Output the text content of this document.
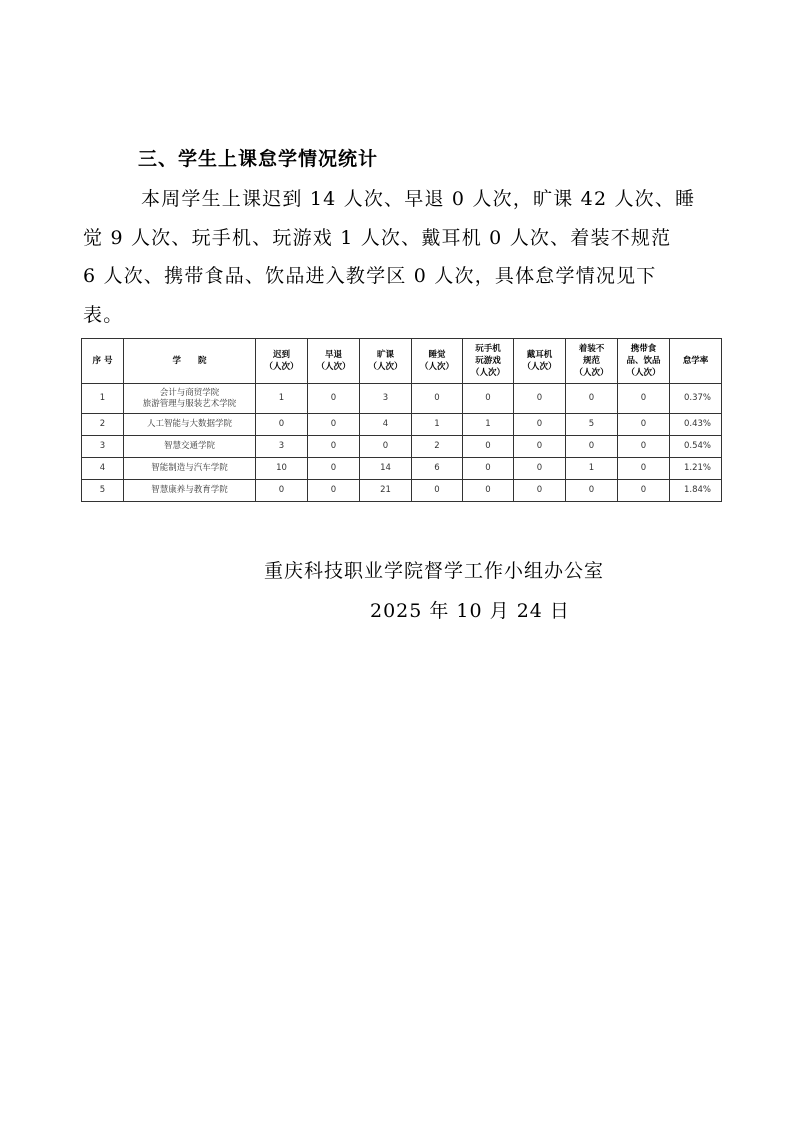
三、学生上课怠学情况统计
本周学生上课迟到 14 人次、早退 0 人次，旷课 42 人次、睡
觉 9 人次、玩手机、玩游戏 1 人次、戴耳机 0 人次、着装不规范
6 人次、携带食品、饮品进入教学区 0 人次，具体怠学情况见下
表。
序 号	学　　院	迟到
（人次）	早退
（人次）	旷课
（人次）	睡觉
（人次）	玩手机
玩游戏
（人次）	戴耳机
（人次）	着装不
规范
（人次）	携带食
品、饮品
（人次）	怠学率

1	会计与商贸学院
旅游管理与服装艺术学院	1	0	3	0	0	0	0	0	0.37%
2	人工智能与大数据学院	0	0	4	1	1	0	5	0	0.43%
3	智慧交通学院	3	0	0	2	0	0	0	0	0.54%
4	智能制造与汽车学院	10	0	14	6	0	0	1	0	1.21%
5	智慧康养与教育学院	0	0	21	0	0	0	0	0	1.84%
重庆科技职业学院督学工作小组办公室
2025 年 10 月 24 日
